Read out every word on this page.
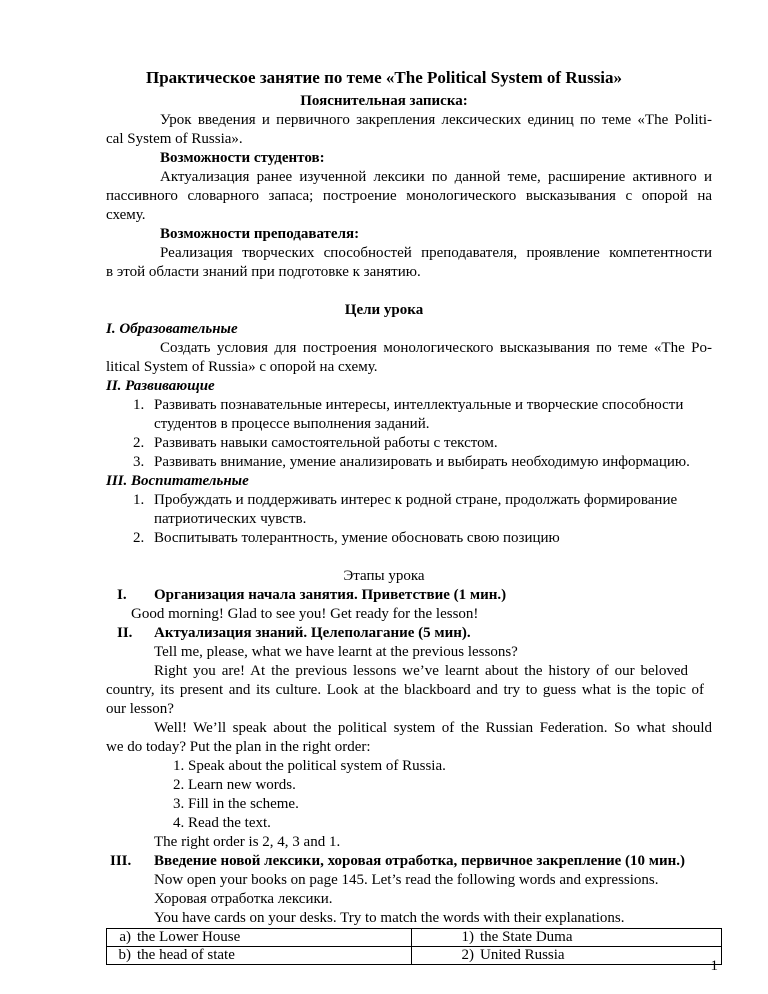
Практическое занятие по теме «The Political System of Russia»
Пояснительная записка:
Урок введения и первичного закрепления лексических единиц по теме «The Politi-
cal System of Russia».
Возможности студентов:
Актуализация ранее изученной лексики по данной теме, расширение активного и
пассивного словарного запаса; построение монологического высказывания с опорой на
схему.
Возможности преподавателя:
Реализация творческих способностей преподавателя, проявление компетентности
в этой области знаний при подготовке к занятию.
Цели урока
I. Образовательные
Создать условия для построения монологического высказывания по теме «The Po-
litical System of Russia» с опорой на схему.
II. Развивающие
1. Развивать познавательные интересы, интеллектуальные и творческие способности
студентов в процессе выполнения заданий.
2. Развивать навыки самостоятельной работы с текстом.
3. Развивать внимание, умение анализировать и выбирать необходимую информацию.
III. Воспитательные
1. Пробуждать и поддерживать интерес к родной стране, продолжать формирование
патриотических чувств.
2. Воспитывать толерантность, умение обосновать свою позицию
Этапы урока
I. Организация начала занятия. Приветствие (1 мин.)
Good morning! Glad to see you! Get ready for the lesson!
II. Актуализация знаний. Целеполагание (5 мин).
Tell me, please, what we have learnt at the previous lessons?
Right you are! At the previous lessons we’ve learnt about the history of our beloved
country, its present and its culture. Look at the blackboard and try to guess what is the topic of
our lesson?
Well! We’ll speak about the political system of the Russian Federation. So what should
we do today? Put the plan in the right order:
1. Speak about the political system of Russia.
2. Learn new words.
3. Fill in the scheme.
4. Read the text.
The right order is 2, 4, 3 and 1.
III. Введение новой лексики, хоровая отработка, первичное закрепление (10 мин.)
Now open your books on page 145. Let’s read the following words and expressions.
Хоровая отработка лексики.
You have cards on your desks. Try to match the words with their explanations.
a) the Lower House	1) the State Duma
b) the head of state	2) United Russia
1
